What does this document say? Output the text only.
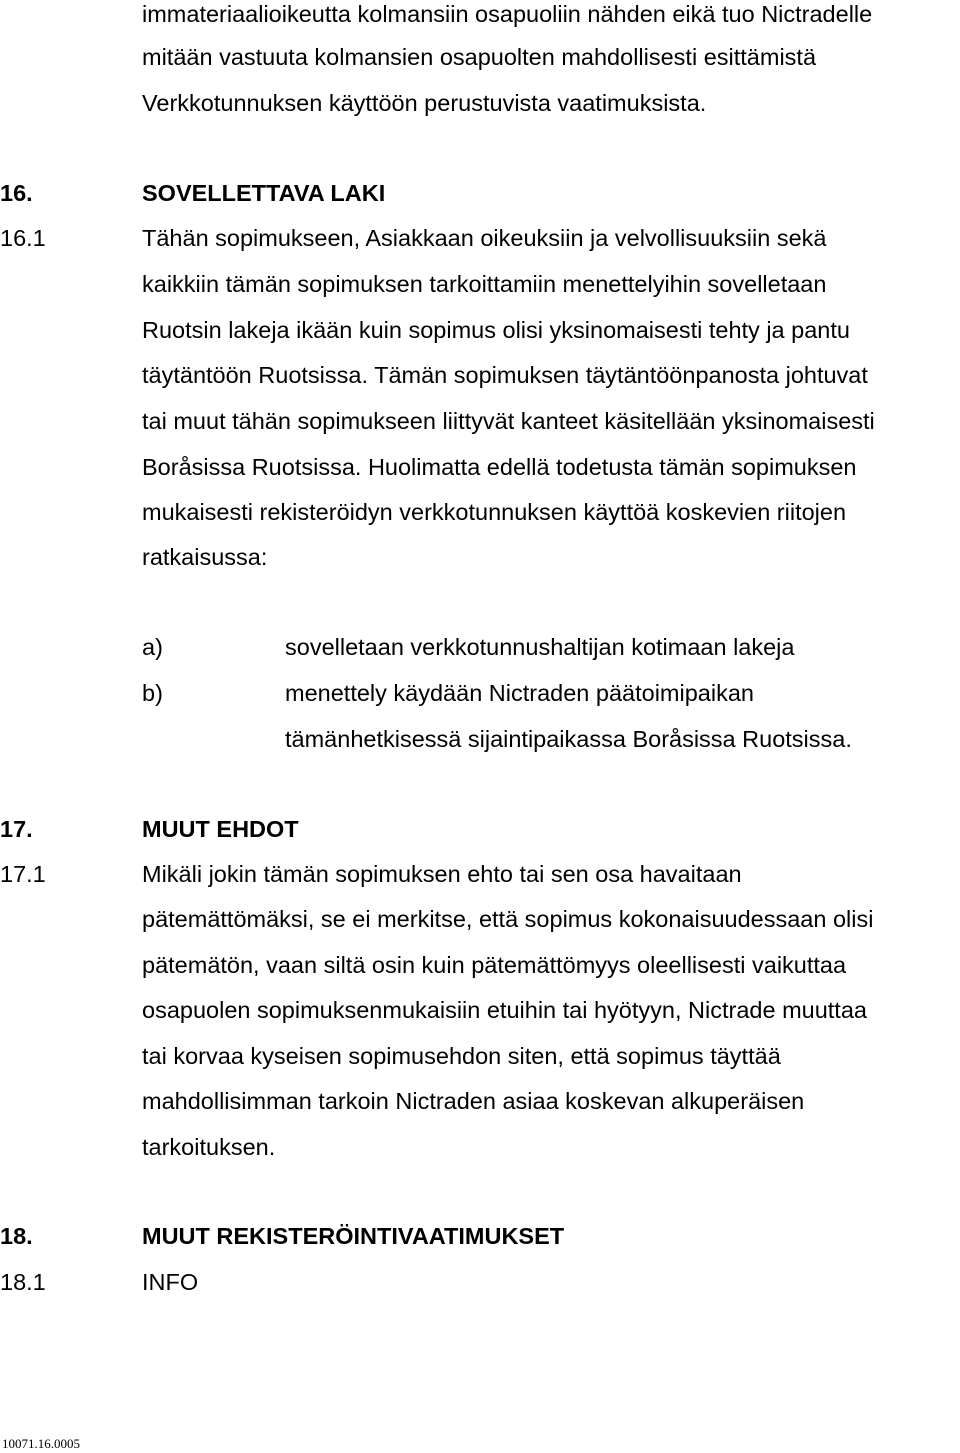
immateriaalioikeutta kolmansiin osapuoliin nähden eikä tuo Nictradelle
mitään vastuuta kolmansien osapuolten mahdollisesti esittämistä
Verkkotunnuksen käyttöön perustuvista vaatimuksista.
16.	SOVELLETTAVA LAKI
16.1	Tähän sopimukseen, Asiakkaan oikeuksiin ja velvollisuuksiin sekä
kaikkiin tämän sopimuksen tarkoittamiin menettelyihin sovelletaan
Ruotsin lakeja ikään kuin sopimus olisi yksinomaisesti tehty ja pantu
täytäntöön Ruotsissa. Tämän sopimuksen täytäntöönpanosta johtuvat
tai muut tähän sopimukseen liittyvät kanteet käsitellään yksinomaisesti
Boråsissa Ruotsissa. Huolimatta edellä todetusta tämän sopimuksen
mukaisesti rekisteröidyn verkkotunnuksen käyttöä koskevien riitojen
ratkaisussa:
a)	sovelletaan verkkotunnushaltijan kotimaan lakeja
b)	menettely käydään Nictraden päätoimipaikan
tämänhetkisessä sijaintipaikassa Boråsissa Ruotsissa.
17.	MUUT EHDOT
17.1	Mikäli jokin tämän sopimuksen ehto tai sen osa havaitaan
pätemättömäksi, se ei merkitse, että sopimus kokonaisuudessaan olisi
pätemätön, vaan siltä osin kuin pätemättömyys oleellisesti vaikuttaa
osapuolen sopimuksenmukaisiin etuihin tai hyötyyn, Nictrade muuttaa
tai korvaa kyseisen sopimusehdon siten, että sopimus täyttää
mahdollisimman tarkoin Nictraden asiaa koskevan alkuperäisen
tarkoituksen.
18.	MUUT REKISTERÖINTIVAATIMUKSET
18.1	INFO
10071.16.0005
